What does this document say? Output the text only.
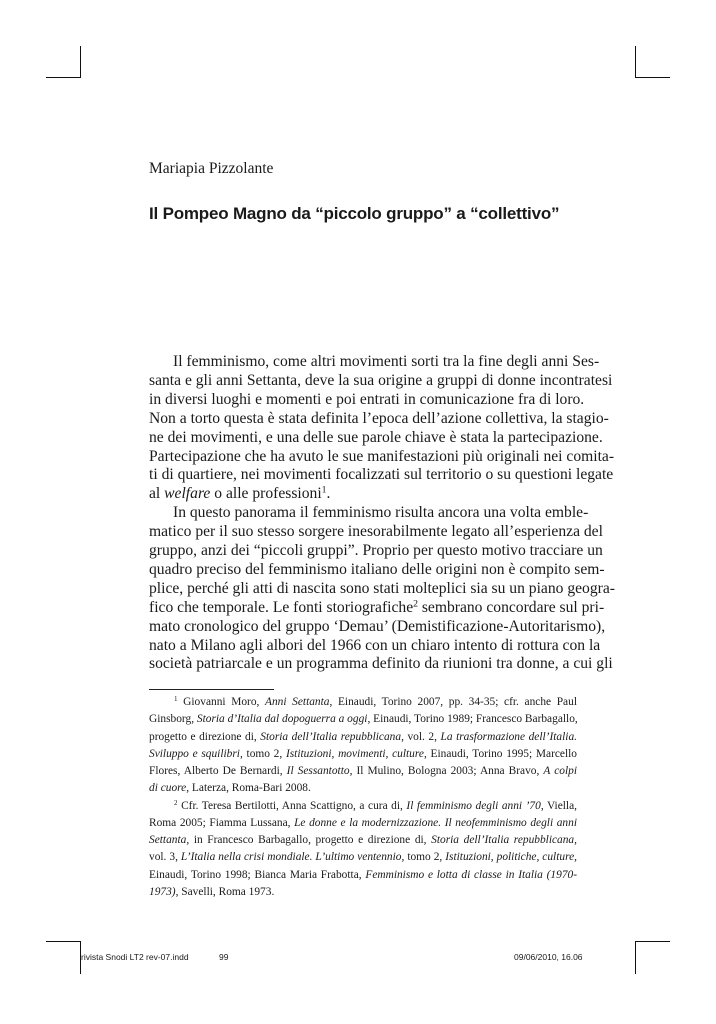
Mariapia Pizzolante
Il Pompeo Magno da “piccolo gruppo” a “collettivo”
Il femminismo, come altri movimenti sorti tra la fine degli anni Ses-
santa e gli anni Settanta, deve la sua origine a gruppi di donne incontratesi
in diversi luoghi e momenti e poi entrati in comunicazione fra di loro.
Non a torto questa è stata definita l’epoca dell’azione collettiva, la stagio-
ne dei movimenti, e una delle sue parole chiave è stata la partecipazione.
Partecipazione che ha avuto le sue manifestazioni più originali nei comita-
ti di quartiere, nei movimenti focalizzati sul territorio o su questioni legate
al welfare o alle professioni$^1$.
In questo panorama il femminismo risulta ancora una volta emble-
matico per il suo stesso sorgere inesorabilmente legato all’esperienza del
gruppo, anzi dei “piccoli gruppi”. Proprio per questo motivo tracciare un
quadro preciso del femminismo italiano delle origini non è compito sem-
plice, perché gli atti di nascita sono stati molteplici sia su un piano geogra-
fico che temporale. Le fonti storiografiche$^2$ sembrano concordare sul pri-
mato cronologico del gruppo ‘Demau’ (Demistificazione-Autoritarismo),
nato a Milano agli albori del 1966 con un chiaro intento di rottura con la
società patriarcale e un programma definito da riunioni tra donne, a cui gli
$^1$ Giovanni Moro, Anni Settanta, Einaudi, Torino 2007, pp. 34-35; cfr. anche Paul
Ginsborg, Storia d’Italia dal dopoguerra a oggi, Einaudi, Torino 1989; Francesco Barbagallo,
progetto e direzione di, Storia dell’Italia repubblicana, vol. 2, La trasformazione dell’Italia.
Sviluppo e squilibri, tomo 2, Istituzioni, movimenti, culture, Einaudi, Torino 1995; Marcello
Flores, Alberto De Bernardi, Il Sessantotto, Il Mulino, Bologna 2003; Anna Bravo, A colpi
di cuore, Laterza, Roma-Bari 2008.
$^2$ Cfr. Teresa Bertilotti, Anna Scattigno, a cura di, Il femminismo degli anni ’70, Viella,
Roma 2005; Fiamma Lussana, Le donne e la modernizzazione. Il neofemminismo degli anni
Settanta, in Francesco Barbagallo, progetto e direzione di, Storia dell’Italia repubblicana,
vol. 3, L’Italia nella crisi mondiale. L’ultimo ventennio, tomo 2, Istituzioni, politiche, culture,
Einaudi, Torino 1998; Bianca Maria Frabotta, Femminismo e lotta di classe in Italia (1970-
1973), Savelli, Roma 1973.
rivista Snodi LT2 rev-07.indd	99	09/06/2010, 16.06
